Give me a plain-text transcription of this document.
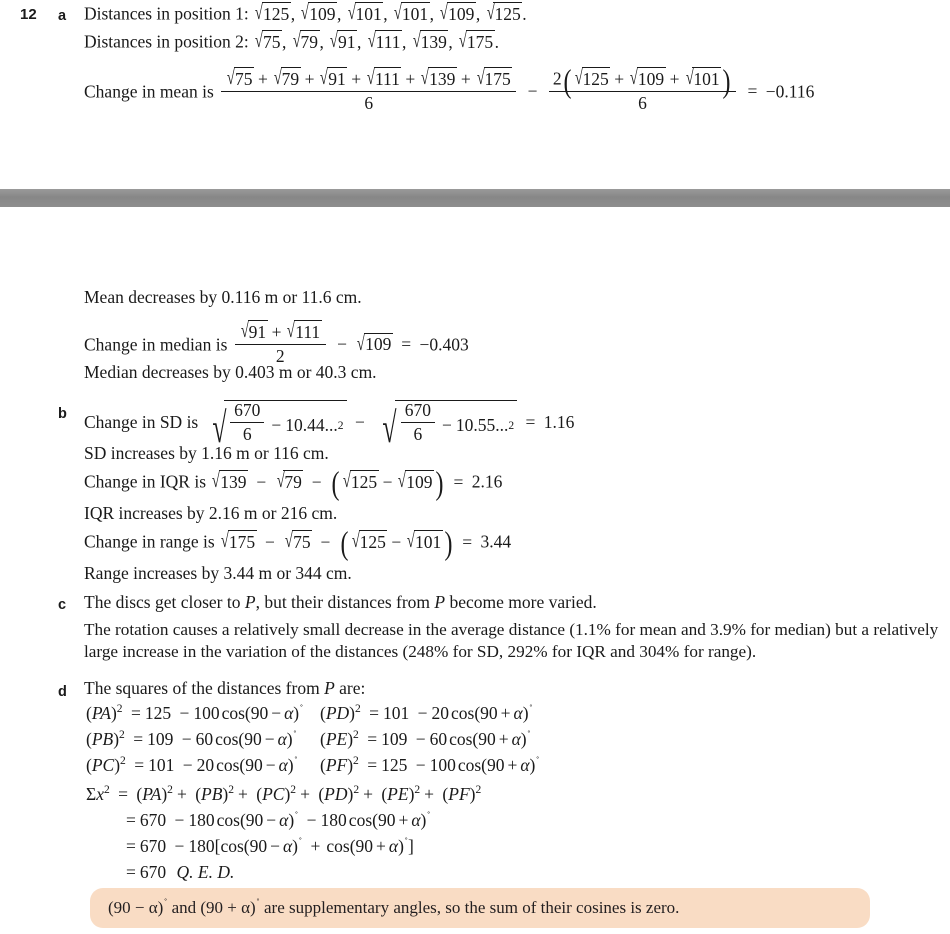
12 a Distances in position 1: √125, √109, √101, √101, √109, √125.
Distances in position 2: √75, √79, √91, √111, √139, √175.
Change in mean is $\frac{√75 + √79 + √91 + √111 + √139 + √175}{6} - \frac{2( √125 + √109 + √101)}{6} = -0.116$
Mean decreases by 0.116 m or 11.6 cm.
Change in median is $\frac{√91 + √111}{2} - √109 = -0.403$
Median decreases by 0.403 m or 40.3 cm.
b Change in SD is √ $\frac{670}{6} - 10.44$... 2 − √ $\frac{670}{6} - 10.55$... 2 = 1.16
SD increases by 1.16 m or 116 cm.
Change in IQR is √139 − √79 − ( √125 − √109) = 2.16
IQR increases by 2.16 m or 216 cm.
Change in range is √175 − √75 − ( √125 − √101) = 3.44
Range increases by 3.44 m or 344 cm.
c The discs get closer to P, but their distances from P become more varied.
The rotation causes a relatively small decrease in the average distance (1.1% for mean and 3.9% for median) but a relatively large increase in the variation of the distances (248% for SD, 292% for IQR and 304% for range).
d The squares of the distances from P are:
(PA)$^2$ = 125 − 100 cos(90 − α)˚
(PB)$^2$ = 109 − 60 cos(90 − α)˚
(PC)$^2$ = 101 − 20 cos(90 − α)˚
(PD)$^2$ = 101 − 20 cos(90 + α)˚
(PE)$^2$ = 109 − 60 cos(90 + α)˚
(PF)$^2$ = 125 − 100 cos(90 + α)˚
$\Sigma x^2 = (PA)^2 + (PB)^2 + (PC)^2 + (PD)^2 + (PE)^2 + (PF)^2$
= 670 − 180 cos(90 − α)˚ − 180 cos(90 + α)˚
= 670 − 180[cos(90 − α)˚ + cos(90 + α)˚]
= 670 Q. E. D.
(90 − α)˚ and (90 + α)˚ are supplementary angles, so the sum of their cosines is zero.
